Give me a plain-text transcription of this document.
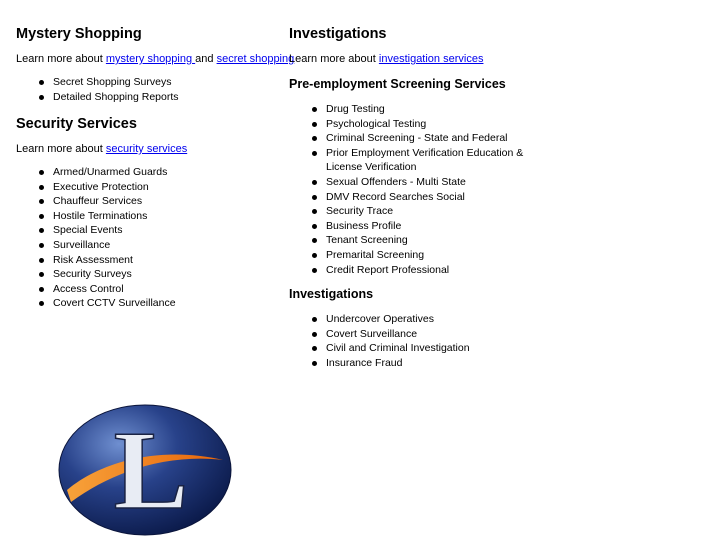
Mystery Shopping

Learn more about mystery shopping and secret shopping

Secret Shopping Surveys
Detailed Shopping Reports
Security Services

Learn more about security services

Armed/Unarmed Guards
Executive Protection
Chauffeur Services
Hostile Terminations
Special Events
Surveillance
Risk Assessment
Security Surveys
Access Control
Covert CCTV Surveillance
Investigations

Learn more about investigation services

Pre-employment Screening Services
Drug Testing
Psychological Testing
Criminal Screening - State and Federal
Prior Employment Verification Education & License Verification
Sexual Offenders - Multi State
DMV Record Searches Social
Security Trace
Business Profile
Tenant Screening
Premarital Screening
Credit Report Professional
Investigations
Undercover Operatives
Covert Surveillance
Civil and Criminal Investigation
Insurance Fraud
L
